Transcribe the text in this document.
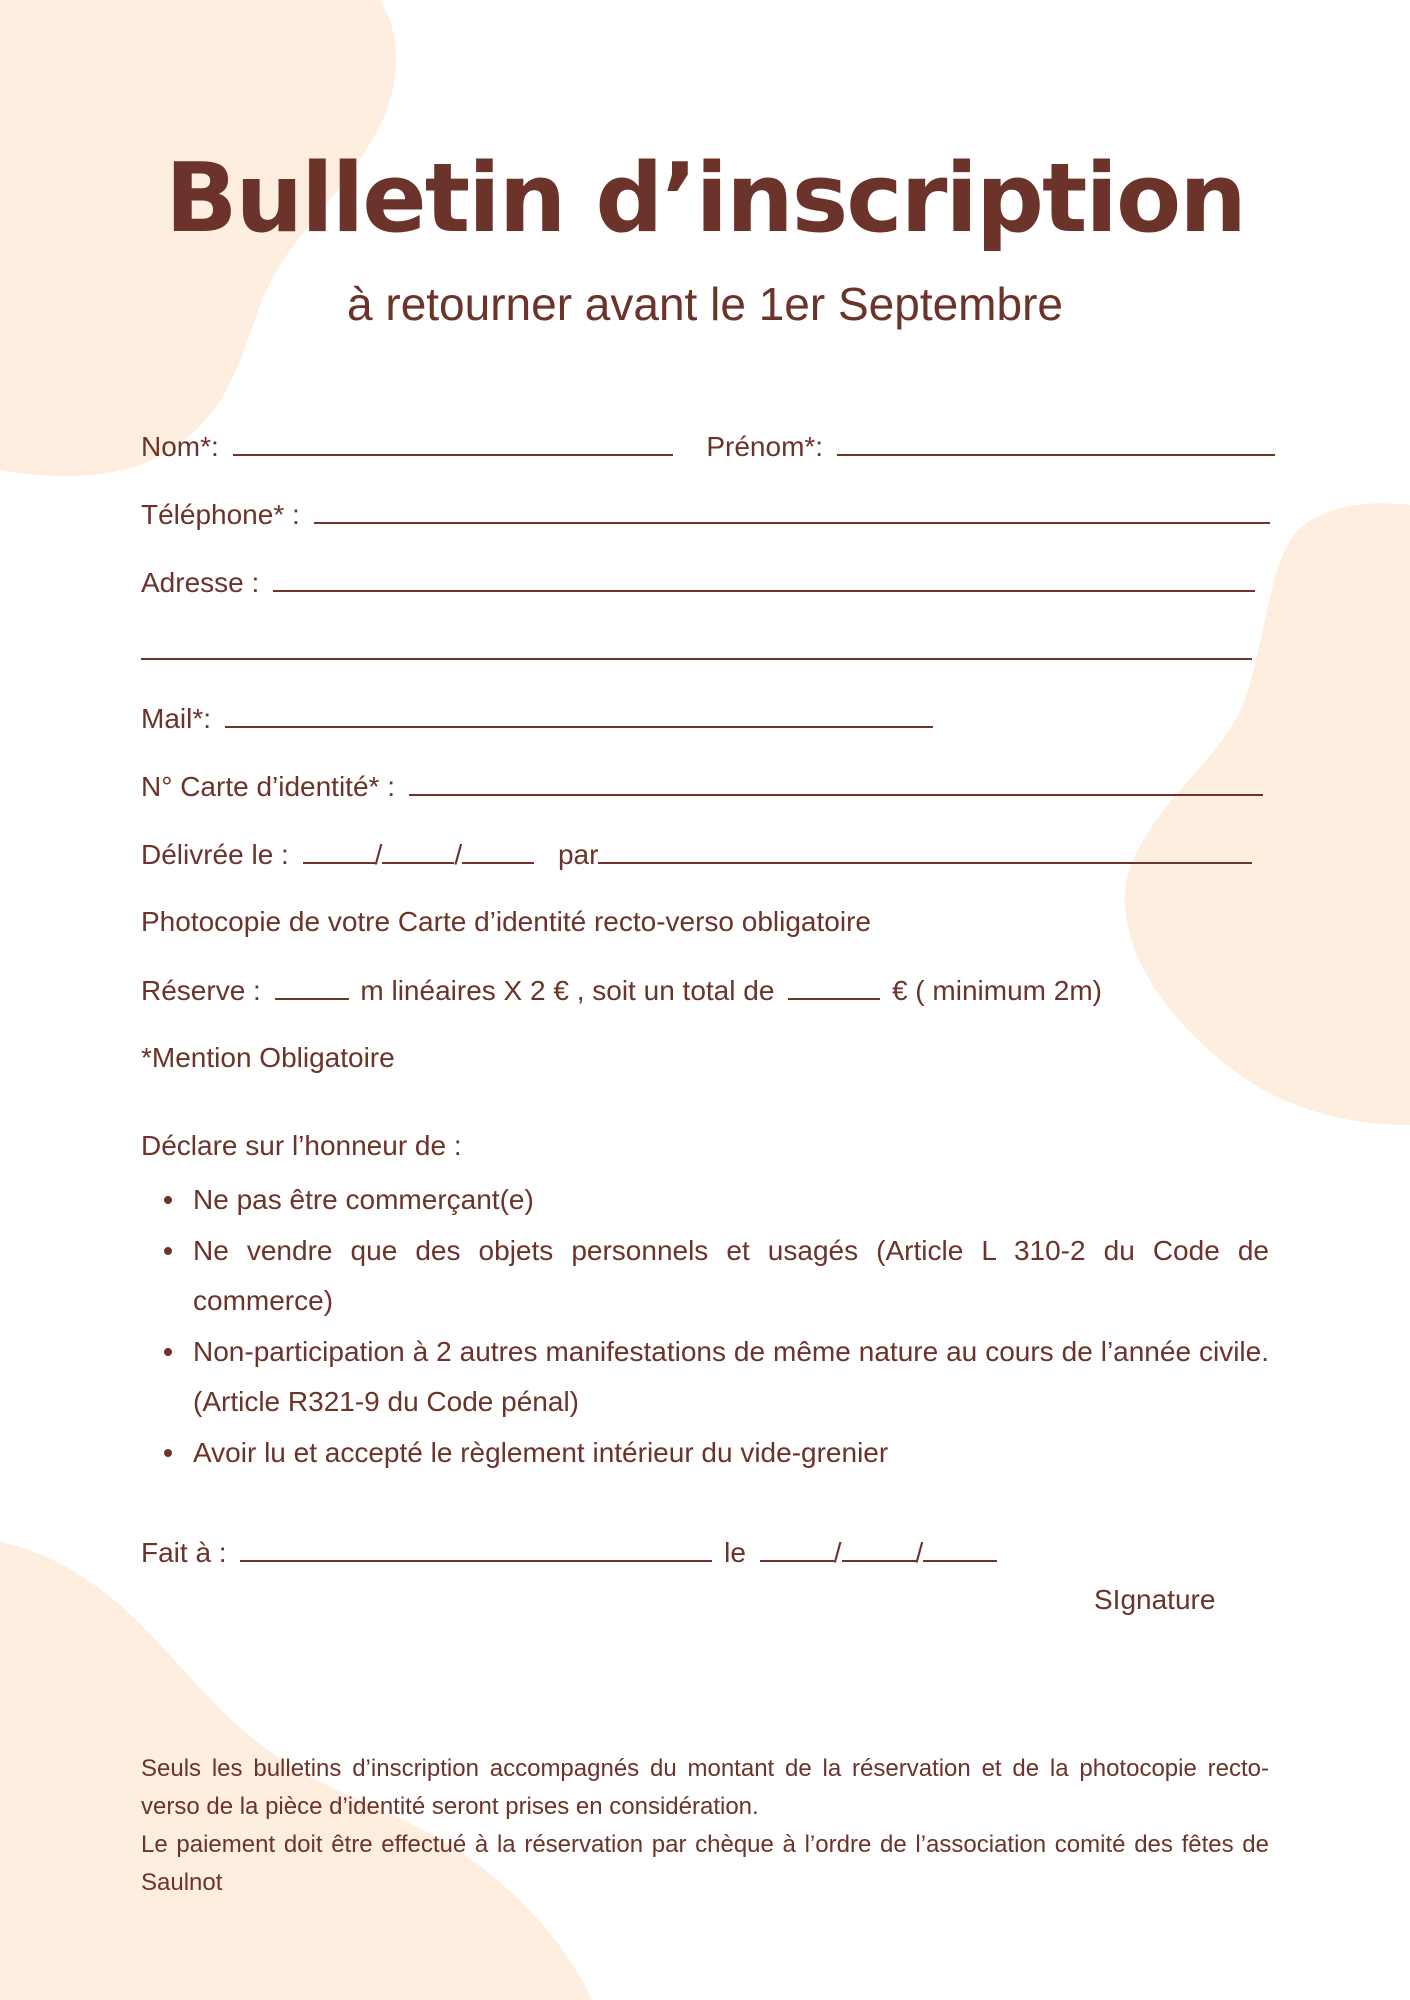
Bulletin d’inscription
à retourner avant le 1er Septembre
Nom*:	Prénom*:
Téléphone* :
Adresse :
Mail*:
N° Carte d’identité* :
Délivrée le :	/	/	par
Photocopie de votre Carte d’identité recto-verso obligatoire
Réserve :	m linéaires X 2 € , soit un total de	€ ( minimum 2m)
*Mention Obligatoire
Déclare sur l’honneur de :
Ne pas être commerçant(e)
Ne vendre que des objets personnels et usagés (Article L 310-2 du Code de commerce)
Non-participation à 2 autres manifestations de même nature au cours de l’année civile. (Article R321-9 du Code pénal)
Avoir lu et accepté le règlement intérieur du vide-grenier
Fait à :	le	/	/
SIgnature

Seuls les bulletins d’inscription accompagnés du montant de la réservation et de la photocopie recto-verso de la pièce d’identité seront prises en considération.

Le paiement doit être effectué à la réservation par chèque à l’ordre de l’association comité des fêtes de Saulnot
